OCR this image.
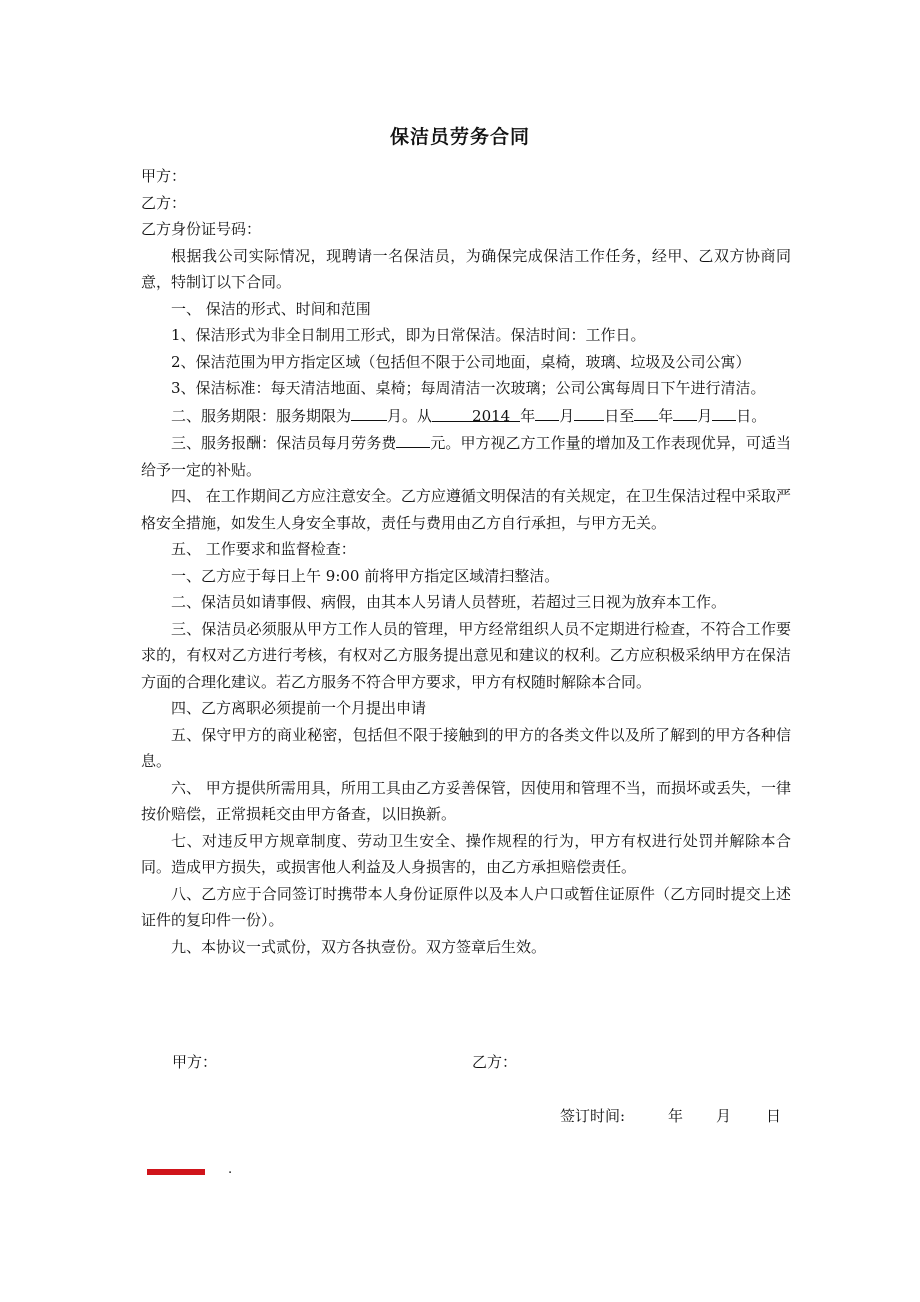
保洁员劳务合同

甲方：

乙方：

乙方身份证号码：

根据我公司实际情况，现聘请一名保洁员，为确保完成保洁工作任务，经甲、乙双方协商同意，特制订以下合同。

一、 保洁的形式、时间和范围

1、保洁形式为非全日制用工形式，即为日常保洁。保洁时间：工作日。

2、保洁范围为甲方指定区域（包括但不限于公司地面，桌椅，玻璃、垃圾及公司公寓）

3、保洁标准：每天清洁地面、桌椅；每周清洁一次玻璃；公司公寓每周日下午进行清洁。

二、服务期限：服务期限为 月。从	2014 年 月 日至 年 月 日。

三、服务报酬：保洁员每月劳务费 元。甲方视乙方工作量的增加及工作表现优异，可适当给予一定的补贴。

四、 在工作期间乙方应注意安全。乙方应遵循文明保洁的有关规定，在卫生保洁过程中采取严格安全措施，如发生人身安全事故，责任与费用由乙方自行承担，与甲方无关。

五、 工作要求和监督检查：

一、乙方应于每日上午 9:00 前将甲方指定区域清扫整洁。

二、保洁员如请事假、病假，由其本人另请人员替班，若超过三日视为放弃本工作。

三、保洁员必须服从甲方工作人员的管理，甲方经常组织人员不定期进行检查，不符合工作要求的，有权对乙方进行考核，有权对乙方服务提出意见和建议的权利。乙方应积极采纳甲方在保洁方面的合理化建议。若乙方服务不符合甲方要求，甲方有权随时解除本合同。

四、乙方离职必须提前一个月提出申请

五、保守甲方的商业秘密，包括但不限于接触到的甲方的各类文件以及所了解到的甲方各种信息。

六、 甲方提供所需用具，所用工具由乙方妥善保管，因使用和管理不当，而损坏或丢失，一律按价赔偿，正常损耗交由甲方备查，以旧换新。

七、对违反甲方规章制度、劳动卫生安全、操作规程的行为，甲方有权进行处罚并解除本合同。造成甲方损失，或损害他人利益及人身损害的，由乙方承担赔偿责任。

八、乙方应于合同签订时携带本人身份证原件以及本人户口或暂住证原件（乙方同时提交上述证件的复印件一份）。

九、本协议一式贰份，双方各执壹份。双方签章后生效。

甲方：	乙方：
签订时间:	年 月 日
.
